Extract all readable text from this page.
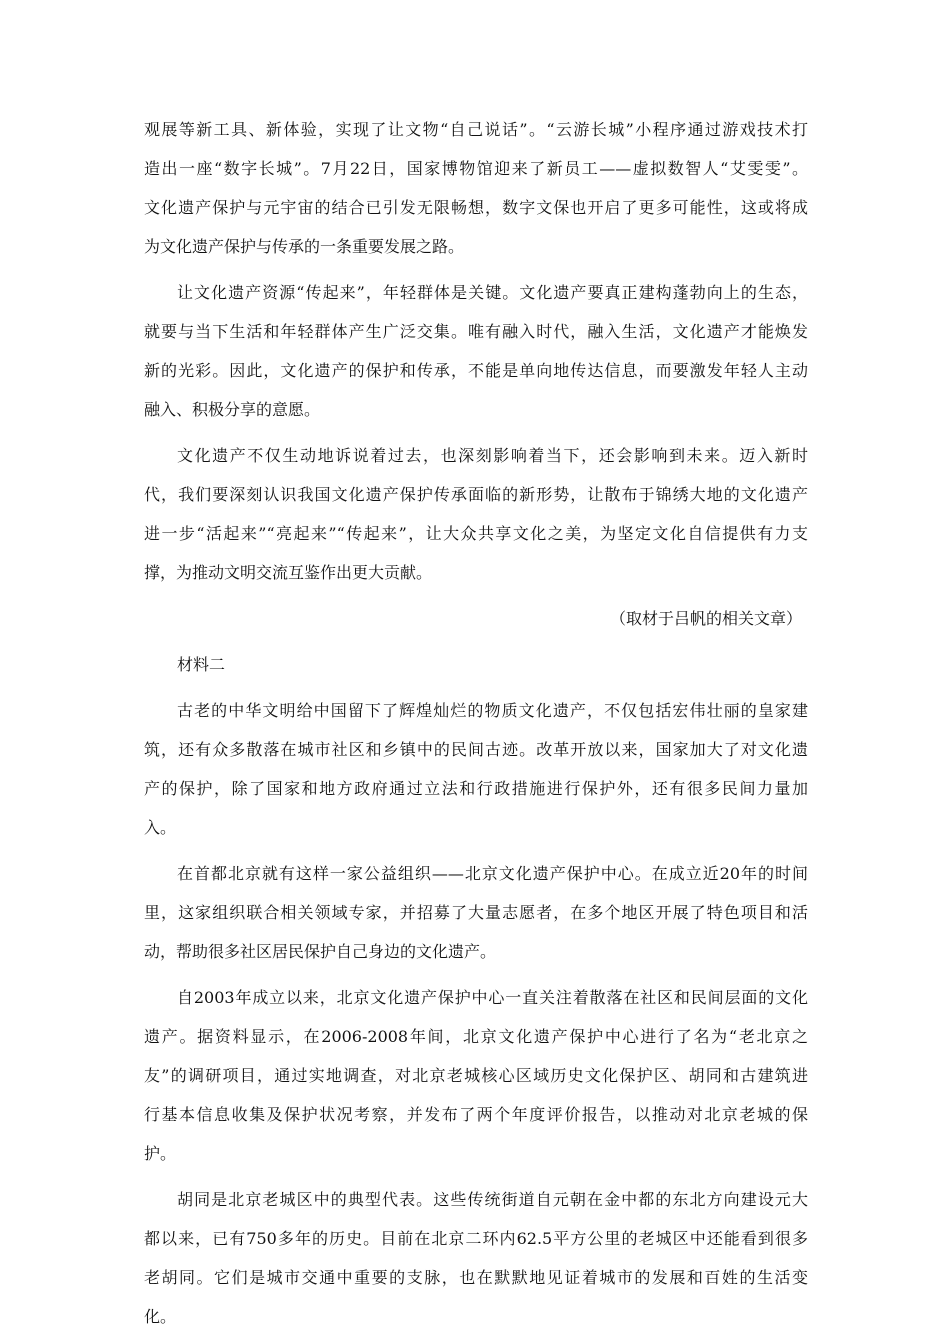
观展等新工具、新体验，实现了让文物“自己说话”。“云游长城”小程序通过游戏技术打
造出一座“数字长城”。7月22日，国家博物馆迎来了新员工——虚拟数智人“艾雯雯”。
文化遗产保护与元宇宙的结合已引发无限畅想，数字文保也开启了更多可能性，这或将成
为文化遗产保护与传承的一条重要发展之路。
让文化遗产资源“传起来”，年轻群体是关键。文化遗产要真正建构蓬勃向上的生态，
就要与当下生活和年轻群体产生广泛交集。唯有融入时代，融入生活，文化遗产才能焕发
新的光彩。因此，文化遗产的保护和传承，不能是单向地传达信息，而要激发年轻人主动
融入、积极分享的意愿。
文化遗产不仅生动地诉说着过去，也深刻影响着当下，还会影响到未来。迈入新时
代，我们要深刻认识我国文化遗产保护传承面临的新形势，让散布于锦绣大地的文化遗产
进一步“活起来”“亮起来”“传起来”，让大众共享文化之美，为坚定文化自信提供有力支
撑，为推动文明交流互鉴作出更大贡献。
（取材于吕帆的相关文章）
材料二
古老的中华文明给中国留下了辉煌灿烂的物质文化遗产，不仅包括宏伟壮丽的皇家建
筑，还有众多散落在城市社区和乡镇中的民间古迹。改革开放以来，国家加大了对文化遗
产的保护，除了国家和地方政府通过立法和行政措施进行保护外，还有很多民间力量加
入。
在首都北京就有这样一家公益组织——北京文化遗产保护中心。在成立近20年的时间
里，这家组织联合相关领域专家，并招募了大量志愿者，在多个地区开展了特色项目和活
动，帮助很多社区居民保护自己身边的文化遗产。
自2003年成立以来，北京文化遗产保护中心一直关注着散落在社区和民间层面的文化
遗产。据资料显示，在2006-2008年间，北京文化遗产保护中心进行了名为“老北京之
友”的调研项目，通过实地调查，对北京老城核心区域历史文化保护区、胡同和古建筑进
行基本信息收集及保护状况考察，并发布了两个年度评价报告，以推动对北京老城的保
护。
胡同是北京老城区中的典型代表。这些传统街道自元朝在金中都的东北方向建设元大
都以来，已有750多年的历史。目前在北京二环内62.5平方公里的老城区中还能看到很多
老胡同。它们是城市交通中重要的支脉，也在默默地见证着城市的发展和百姓的生活变
化。
